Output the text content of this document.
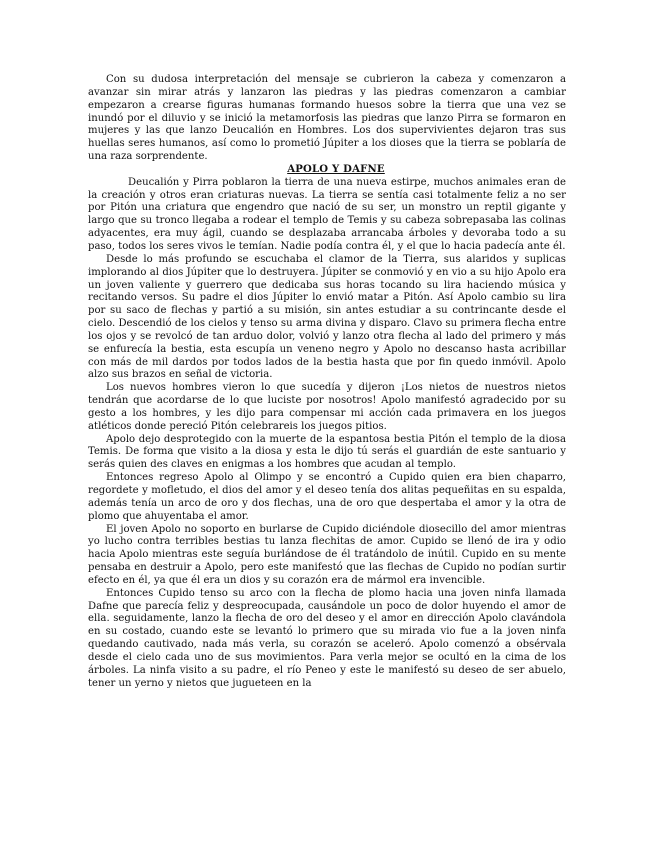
Con su dudosa interpretación del mensaje se cubrieron la cabeza y comenzaron a avanzar sin mirar atrás y lanzaron las piedras y las piedras comenzaron a cambiar empezaron a crearse figuras humanas formando huesos sobre la tierra que una vez se inundó por el diluvio y se inició la metamorfosis las piedras que lanzo Pirra se formaron en mujeres y las que lanzo Deucalión en Hombres. Los dos supervivientes dejaron tras sus huellas seres humanos, así como lo prometió Júpiter a los dioses que la tierra se poblaría de una raza sorprendente.

APOLO Y DAFNE

Deucalión y Pirra poblaron la tierra de una nueva estirpe, muchos animales eran de la creación y otros eran criaturas nuevas. La tierra se sentía casi totalmente feliz a no ser por Pitón una criatura que engendro que nació de su ser, un monstro un reptil gigante y largo que su tronco llegaba a rodear el templo de Temis y su cabeza sobrepasaba las colinas adyacentes, era muy ágil, cuando se desplazaba arrancaba árboles y devoraba todo a su paso, todos los seres vivos le temían. Nadie podía contra él, y el que lo hacia padecía ante él.

Desde lo más profundo se escuchaba el clamor de la Tierra, sus alaridos y suplicas implorando al dios Júpiter que lo destruyera. Júpiter se conmovió y en vio a su hijo Apolo era un joven valiente y guerrero que dedicaba sus horas tocando su lira haciendo música y recitando versos. Su padre el dios Júpiter lo envió matar a Pitón. Así Apolo cambio su lira por su saco de flechas y partió a su misión, sin antes estudiar a su contrincante desde el cielo. Descendió de los cielos y tenso su arma divina y disparo. Clavo su primera flecha entre los ojos y se revolcó de tan arduo dolor, volvió y lanzo otra flecha al lado del primero y más se enfurecía la bestia, esta escupía un veneno negro y Apolo no descanso hasta acribillar con más de mil dardos por todos lados de la bestia hasta que por fin quedo inmóvil. Apolo alzo sus brazos en señal de victoria.

Los nuevos hombres vieron lo que sucedía y dijeron ¡Los nietos de nuestros nietos tendrán que acordarse de lo que luciste por nosotros! Apolo manifestó agradecido por su gesto a los hombres, y les dijo para compensar mi acción cada primavera en los juegos atléticos donde pereció Pitón celebrareis los juegos pitios.

Apolo dejo desprotegido con la muerte de la espantosa bestia Pitón el templo de la diosa Temis. De forma que visito a la diosa y esta le dijo tú serás el guardián de este santuario y serás quien des claves en enigmas a los hombres que acudan al templo.

Entonces regreso Apolo al Olimpo y se encontró a Cupido quien era bien chaparro, regordete y mofletudo, el dios del amor y el deseo tenía dos alitas pequeñitas en su espalda, además tenía un arco de oro y dos flechas, una de oro que despertaba el amor y la otra de plomo que ahuyentaba el amor.

El joven Apolo no soporto en burlarse de Cupido diciéndole diosecillo del amor mientras yo lucho contra terribles bestias tu lanza flechitas de amor. Cupido se llenó de ira y odio hacia Apolo mientras este seguía burlándose de él tratándolo de inútil. Cupido en su mente pensaba en destruir a Apolo, pero este manifestó que las flechas de Cupido no podían surtir efecto en él, ya que él era un dios y su corazón era de mármol era invencible.

Entonces Cupido tenso su arco con la flecha de plomo hacia una joven ninfa llamada Dafne que parecía feliz y despreocupada, causándole un poco de dolor huyendo el amor de ella. seguidamente, lanzo la flecha de oro del deseo y el amor en dirección Apolo clavándola en su costado, cuando este se levantó lo primero que su mirada vio fue a la joven ninfa quedando cautivado, nada más verla, su corazón se aceleró. Apolo comenzó a obsérvala desde el cielo cada uno de sus movimientos. Para verla mejor se ocultó en la cima de los árboles. La ninfa visito a su padre, el río Peneo y este le manifestó su deseo de ser abuelo, tener un yerno y nietos que jugueteen en la
